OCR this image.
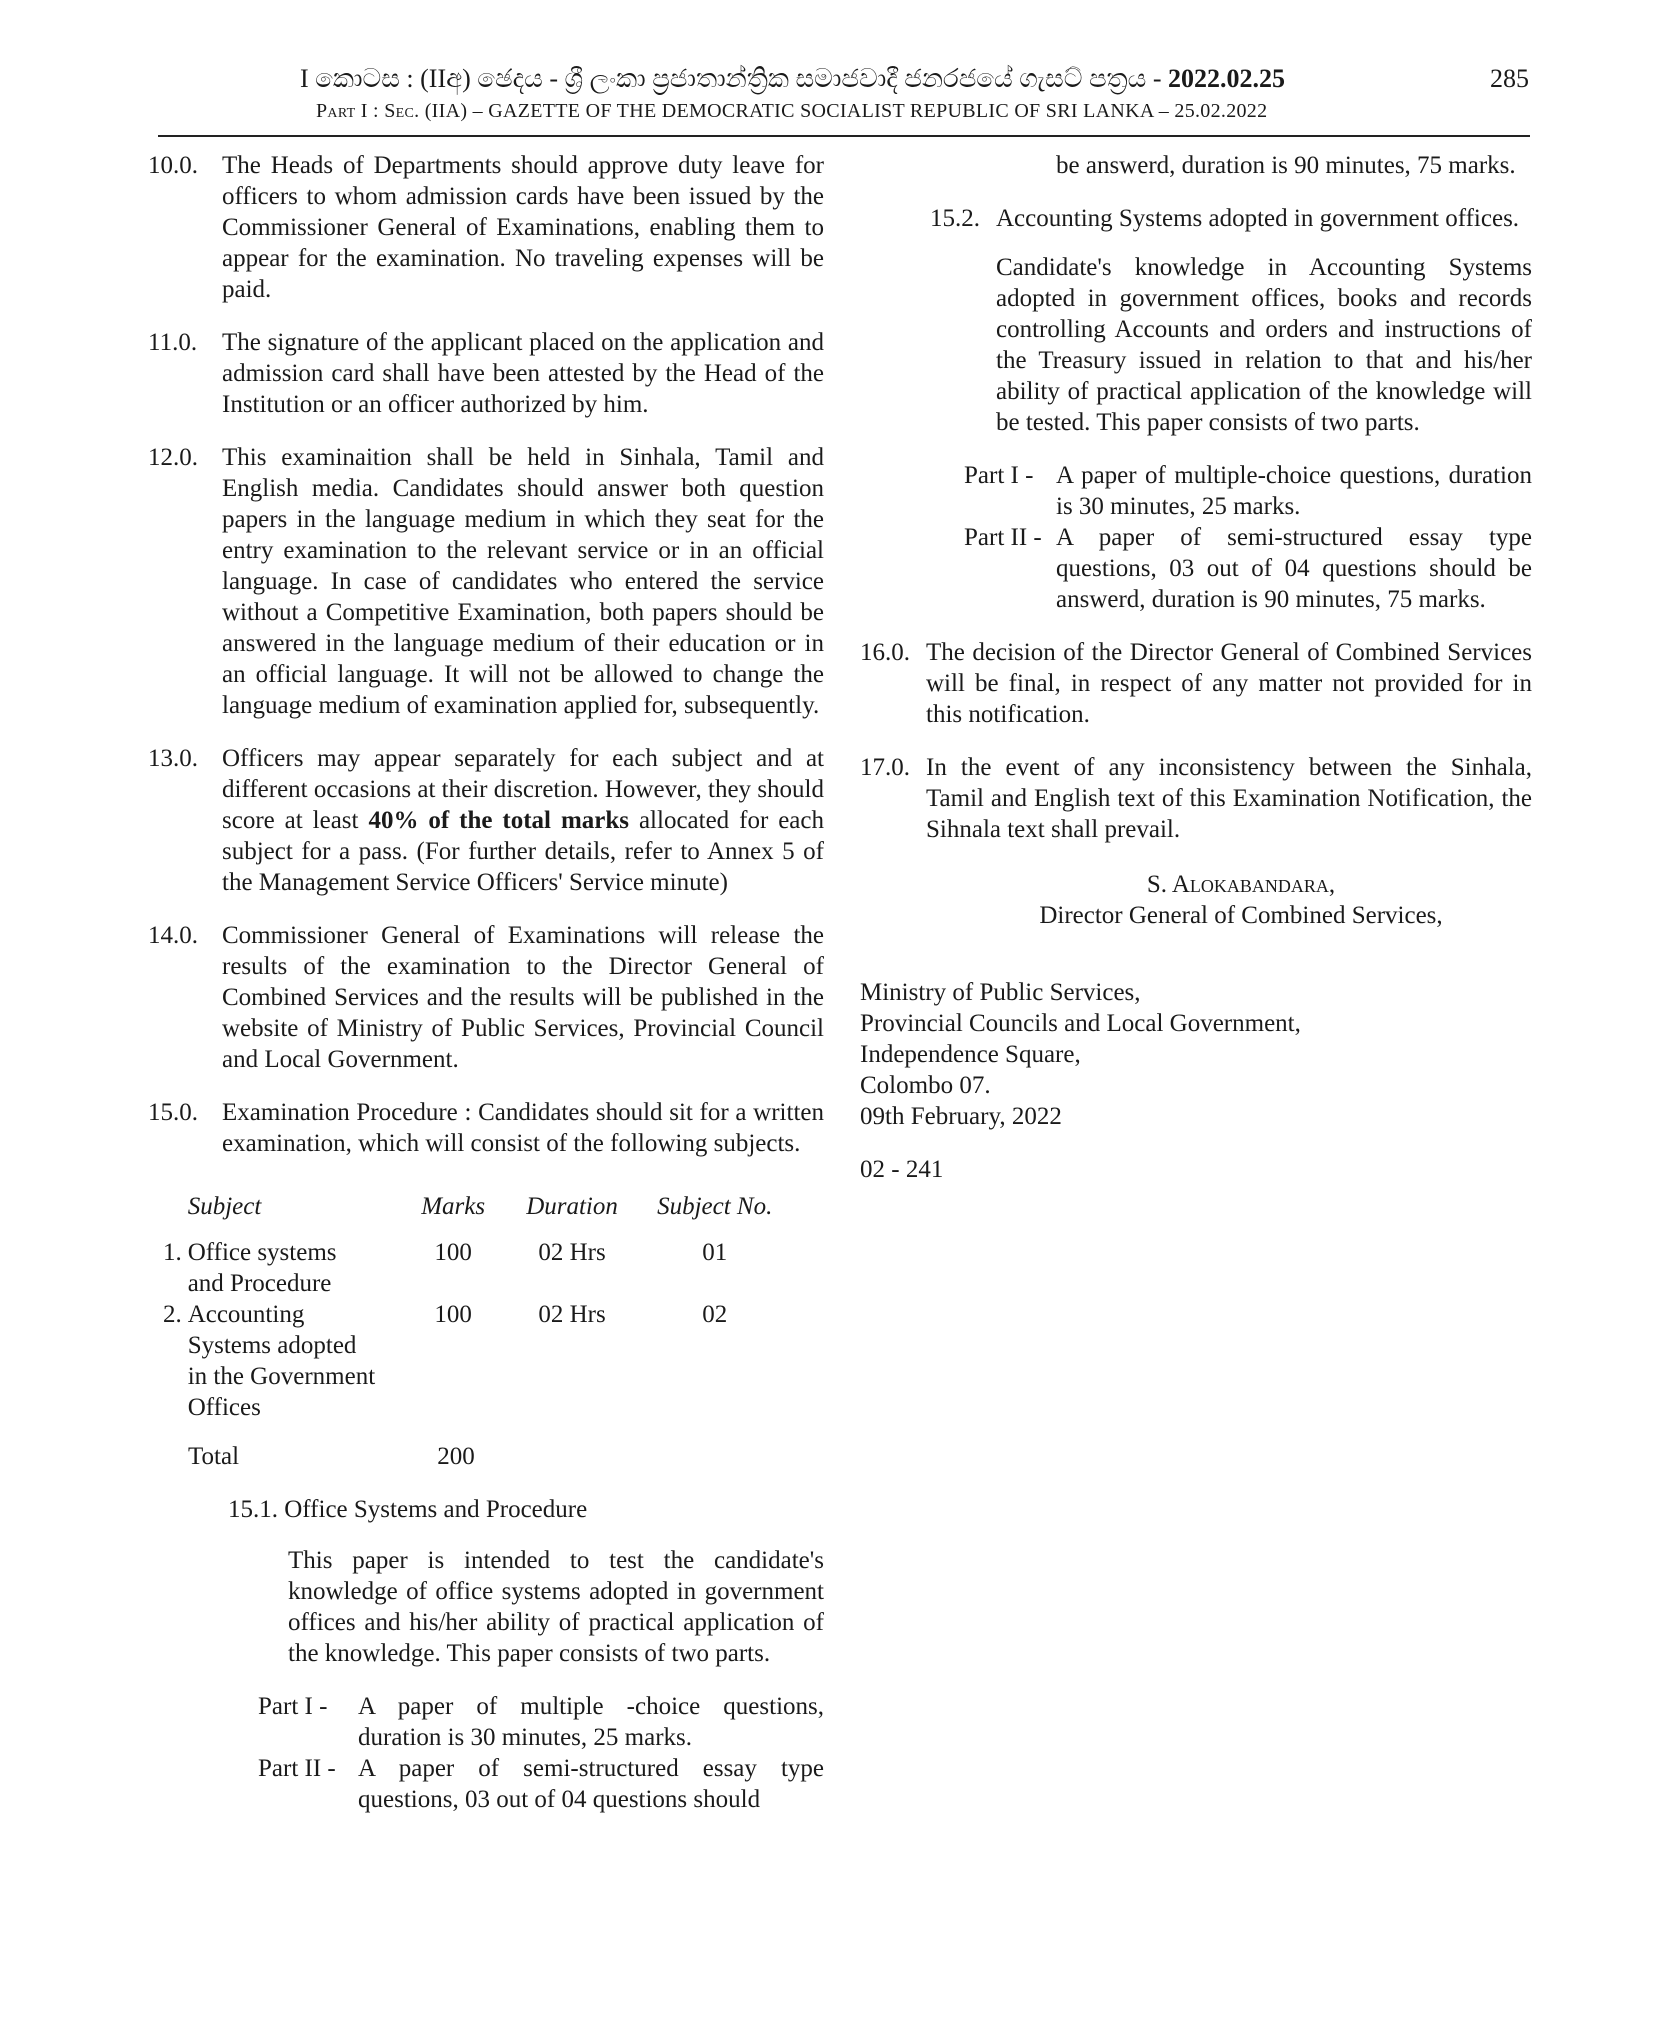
I කොටස : (IIඅ) ඡෙදය - ශ්‍රී ලංකා ප්‍රජාතාන්ත්‍රික සමාජවාදී ජනරජයේ ගැසට් පත්‍රය - 2022.02.25	285
Part I : Sec. (IIA) – GAZETTE OF THE DEMOCRATIC SOCIALIST REPUBLIC OF SRI LANKA – 25.02.2022
10.0. The Heads of Departments should approve duty leave for officers to whom admission cards have been issued by the Commissioner General of Examinations, enabling them to appear for the examination. No traveling expenses will be paid.
11.0. The signature of the applicant placed on the application and admission card shall have been attested by the Head of the Institution or an officer authorized by him.
12.0. This examinaition shall be held in Sinhala, Tamil and English media. Candidates should answer both question papers in the language medium in which they seat for the entry examination to the relevant service or in an official language. In case of candidates who entered the service without a Competitive Examination, both papers should be answered in the language medium of their education or in an official language. It will not be allowed to change the language medium of examination applied for, subsequently.
13.0. Officers may appear separately for each subject and at different occasions at their discretion. However, they should score at least 40% of the total marks allocated for each subject for a pass. (For further details, refer to Annex 5 of the Management Service Officers' Service minute)
14.0. Commissioner General of Examinations will release the results of the examination to the Director General of Combined Services and the results will be published in the website of Ministry of Public Services, Provincial Council and Local Government.
15.0. Examination Procedure : Candidates should sit for a written examination, which will consist of the following subjects.
Subject	Marks	Duration	Subject No.
1. Office systems
and Procedure
100	02 Hrs	01
2. Accounting
Systems adopted
in the Government
Offices
100	02 Hrs	02
Total	200
15.1. Office Systems and Procedure
This paper is intended to test the candidate's knowledge of office systems adopted in government offices and his/her ability of practical application of the knowledge. This paper consists of two parts.
Part I -	A paper of multiple -choice questions, duration is 30 minutes, 25 marks.
Part II - A paper of semi-structured essay type questions, 03 out of 04 questions should
be answerd, duration is 90 minutes, 75 marks.
15.2. Accounting Systems adopted in government offices.
Candidate's knowledge in Accounting Systems adopted in government offices, books and records controlling Accounts and orders and instructions of the Treasury issued in relation to that and his/her ability of practical application of the knowledge will be tested. This paper consists of two parts.
Part I - A paper of multiple-choice questions, duration is 30 minutes, 25 marks.
Part II - A paper of semi-structured essay type questions, 03 out of 04 questions should be answerd, duration is 90 minutes, 75 marks.
16.0. The decision of the Director General of Combined Services will be final, in respect of any matter not provided for in this notification.
17.0. In the event of any inconsistency between the Sinhala, Tamil and English text of this Examination Notification, the Sihnala text shall prevail.
S. Alokabandara,
Director General of Combined Services,
Ministry of Public Services,
Provincial Councils and Local Government,
Independence Square,
Colombo 07.
09th February, 2022
02 - 241
